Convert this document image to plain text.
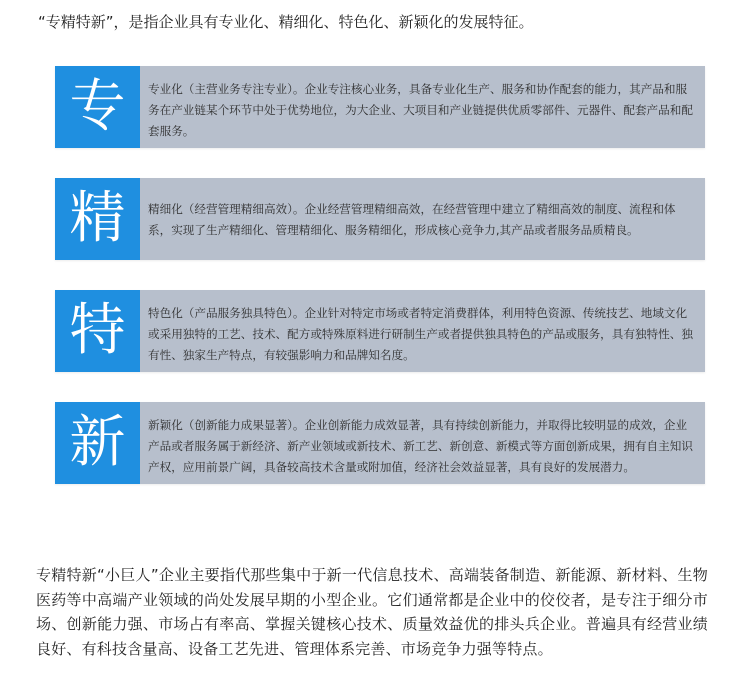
“专精特新”，是指企业具有专业化、精细化、特色化、新颖化的发展特征。
专 专业化（主营业务专注专业）。企业专注核心业务，具备专业化生产、服务和协作配套的能力，其产品和服务在产业链某个环节中处于优势地位，为大企业、大项目和产业链提供优质零部件、元器件、配套产品和配套服务。
精 精细化（经营管理精细高效）。企业经营管理精细高效，在经营管理中建立了精细高效的制度、流程和体系，实现了生产精细化、管理精细化、服务精细化，形成核心竞争力,其产品或者服务品质精良。
特 特色化（产品服务独具特色）。企业针对特定市场或者特定消费群体，利用特色资源、传统技艺、地域文化或采用独特的工艺、技术、配方或特殊原料进行研制生产或者提供独具特色的产品或服务，具有独特性、独有性、独家生产特点，有较强影响力和品牌知名度。
新 新颖化（创新能力成果显著）。企业创新能力成效显著，具有持续创新能力，并取得比较明显的成效，企业产品或者服务属于新经济、新产业领域或新技术、新工艺、新创意、新模式等方面创新成果，拥有自主知识产权，应用前景广阔，具备较高技术含量或附加值，经济社会效益显著，具有良好的发展潜力。
专精特新“小巨人”企业主要指代那些集中于新一代信息技术、高端装备制造、新能源、新材料、生物医药等中高端产业领域的尚处发展早期的小型企业。它们通常都是企业中的佼佼者，是专注于细分市场、创新能力强、市场占有率高、掌握关键核心技术、质量效益优的排头兵企业。普遍具有经营业绩良好、有科技含量高、设备工艺先进、管理体系完善、市场竞争力强等特点。
